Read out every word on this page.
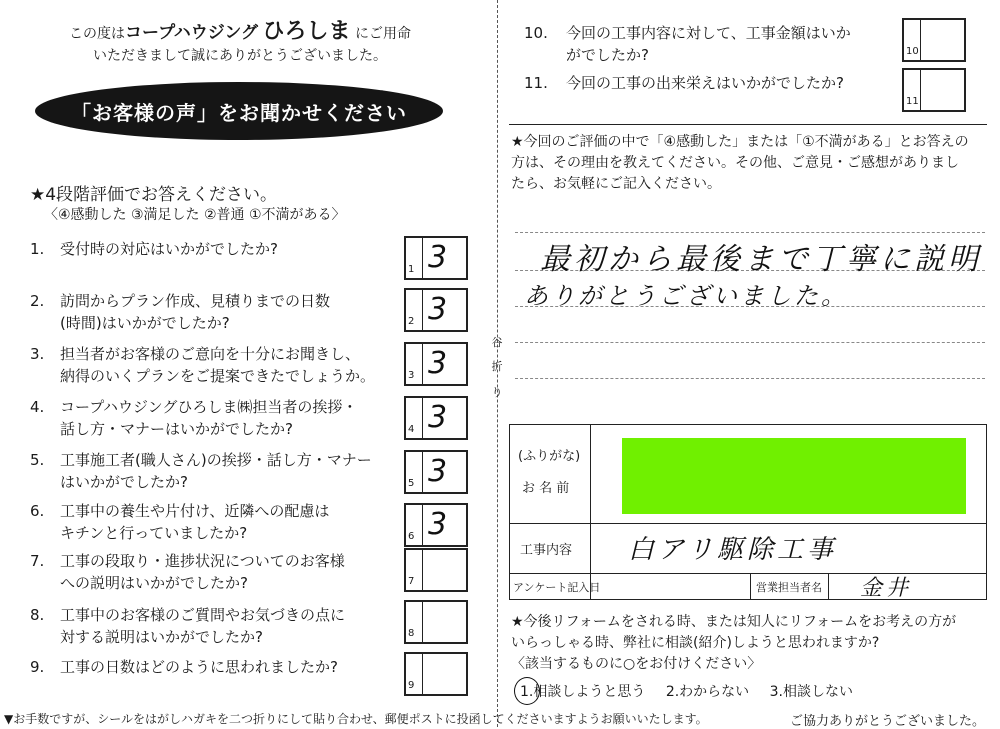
この度はコープハウジング ひろしま にご用命
いただきまして誠にありがとうございました。
「お客様の声」をお聞かせください
★4段階評価でお答えください。
〈④感動した ③満足した ②普通 ①不満がある〉
1. 受付時の対応はいかがでしたか?
1 3
2. 訪問からプラン作成、見積りまでの日数

(時間)はいかがでしたか?	2 3
3. 担当者がお客様のご意向を十分にお聞きし、

納得のいくプランをご提案できたでしょうか。	3 3
4. コープハウジングひろしま㈱担当者の挨拶・

話し方・マナーはいかがでしたか?	4 3
5. 工事施工者(職人さん)の挨拶・話し方・マナー

はいかがでしたか?	5 3
6. 工事中の養生や片付け、近隣への配慮は

キチンと行っていましたか?	6 3
7. 工事の段取り・進捗状況についてのお客様

への説明はいかがでしたか?	7
8. 工事中のお客様のご質問やお気づきの点に

対する説明はいかがでしたか?	8
9. 工事の日数はどのように思われましたか?
9
谷
折
り
10. 今回の工事内容に対して、工事金額はいか

がでしたか?	10
11. 今回の工事の出来栄えはいかがでしたか?
11
★今回のご評価の中で「④感動した」または「①不満がある」とお答えの
方は、その理由を教えてください。その他、ご意見・ご感想がありまし
たら、お気軽にご記入ください。
最初から最後まで丁寧に説明
ありがとうございました。
(ふりがな)
お 名 前
工事内容 白アリ駆除工事
アンケート記入日	営業担当者名 金井
★今後リフォームをされる時、または知人にリフォームをお考えの方が
いらっしゃる時、弊社に相談(紹介)しようと思われますか?
〈該当するものに○をお付けください〉
1.相談しようと思う 2.わからない 3.相談しない
▼お手数ですが、シールをはがしハガキを二つ折りにして貼り合わせ、郵便ポストに投函してくださいますようお願いいたします。	ご協力ありがとうございました。
